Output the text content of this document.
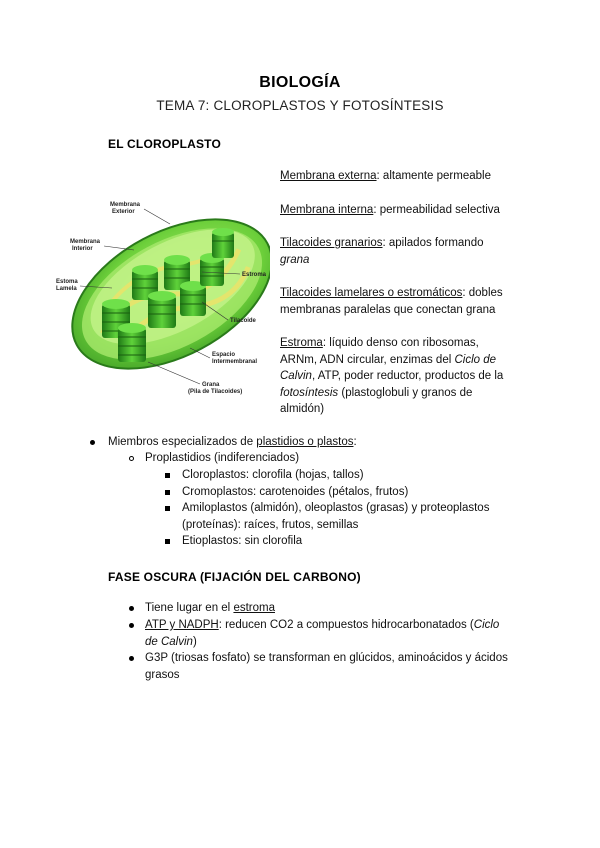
BIOLOGÍA
TEMA 7: CLOROPLASTOS Y FOTOSÍNTESIS
EL CLOROPLASTO
Membrana
Exterior
Membrana
Interior
Estoma
Lamela
Estroma
Tilacoide
Espacio
Intermembranal
Grana
(Pila de Tilacoides)
Membrana externa: altamente permeable
Membrana interna: permeabilidad selectiva
Tilacoides granarios: apilados formando
grana
Tilacoides lamelares o estromáticos: dobles
membranas paralelas que conectan grana
Estroma: líquido denso con ribosomas,
ARNm, ADN circular, enzimas del Ciclo de
Calvin, ATP, poder reductor, productos de la
fotosíntesis (plastoglobuli y granos de
almidón)
Miembros especializados de plastidios o plastos:
Proplastidios (indiferenciados)
Cloroplastos: clorofila (hojas, tallos)
Cromoplastos: carotenoides (pétalos, frutos)
Amiloplastos (almidón), oleoplastos (grasas) y proteoplastos
(proteínas): raíces, frutos, semillas
Etioplastos: sin clorofila
FASE OSCURA (FIJACIÓN DEL CARBONO)
Tiene lugar en el estroma
ATP y NADPH: reducen CO2 a compuestos hidrocarbonatados (Ciclo
de Calvin)
G3P (triosas fosfato) se transforman en glúcidos, aminoácidos y ácidos
grasos
